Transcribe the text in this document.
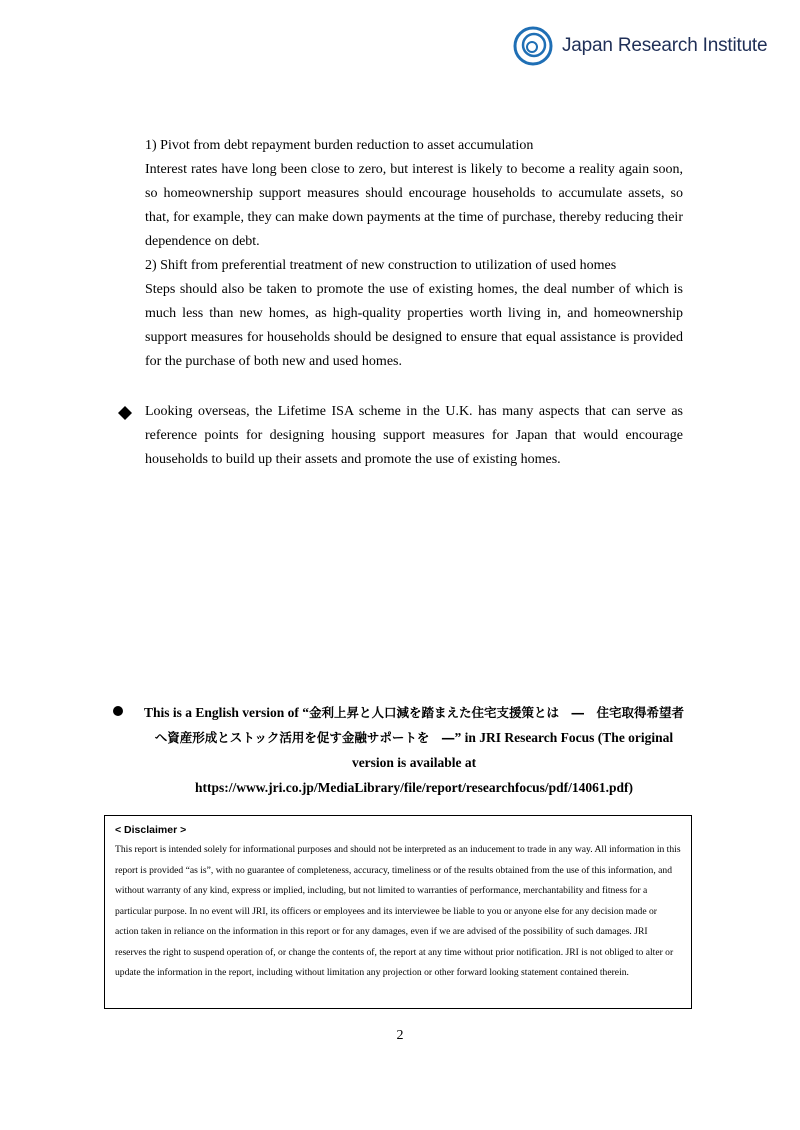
Japan Research Institute

1) Pivot from debt repayment burden reduction to asset accumulation

Interest rates have long been close to zero, but interest is likely to become a reality again soon, so homeownership support measures should encourage households to accumulate assets, so that, for example, they can make down payments at the time of purchase, thereby reducing their dependence on debt.

2) Shift from preferential treatment of new construction to utilization of used homes

Steps should also be taken to promote the use of existing homes, the deal number of which is much less than new homes, as high-quality properties worth living in, and homeownership support measures for households should be designed to ensure that equal assistance is provided for the purchase of both new and used homes.

Looking overseas, the Lifetime ISA scheme in the U.K. has many aspects that can serve as reference points for designing housing support measures for Japan that would encourage households to build up their assets and promote the use of existing homes.

This is a English version of “金利上昇と人口減を踏まえた住宅支援策とは　―　住宅取得希望者へ資産形成とストック活用を促す金融サポートを　―” in JRI Research Focus (The original version is available at https://www.jri.co.jp/MediaLibrary/file/report/researchfocus/pdf/14061.pdf)
< Disclaimer >
This report is intended solely for informational purposes and should not be interpreted as an inducement to trade in any way. All information in this report is provided “as is”, with no guarantee of completeness, accuracy, timeliness or of the results obtained from the use of this information, and without warranty of any kind, express or implied, including, but not limited to warranties of performance, merchantability and fitness for a particular purpose. In no event will JRI, its officers or employees and its interviewee be liable to you or anyone else for any decision made or action taken in reliance on the information in this report or for any damages, even if we are advised of the possibility of such damages. JRI reserves the right to suspend operation of, or change the contents of, the report at any time without prior notification. JRI is not obliged to alter or update the information in the report, including without limitation any projection or other forward looking statement contained therein.
2
